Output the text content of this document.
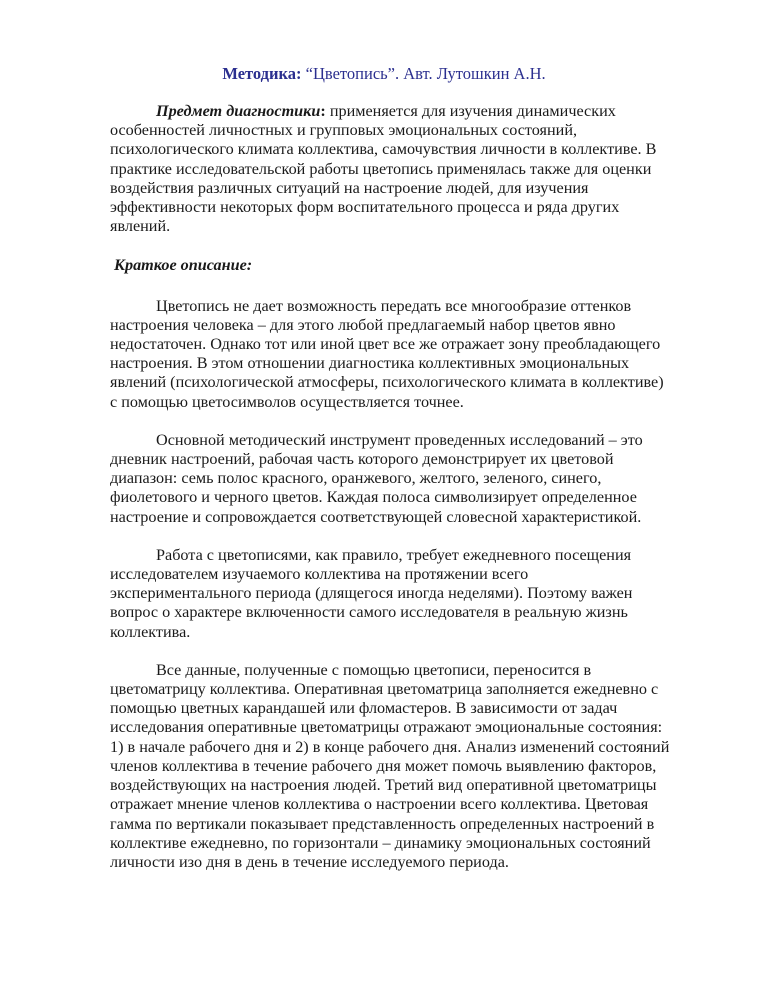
Методика: “Цветопись”. Авт. Лутошкин А.Н.

Предмет диагностики: применяется для изучения динамических особенностей личностных и групповых эмоциональных состояний, психологического климата коллектива, самочувствия личности в коллективе. В практике исследовательской работы цветопись применялась также для оценки воздействия различных ситуаций на настроение людей, для изучения эффективности некоторых форм воспитательного процесса и ряда других явлений.

Краткое описание:

Цветопись не дает возможность передать все многообразие оттенков настроения человека – для этого любой предлагаемый набор цветов явно недостаточен. Однако тот или иной цвет все же отражает зону преобладающего настроения. В этом отношении диагностика коллективных эмоциональных явлений (психологической атмосферы, психологического климата в коллективе) с помощью цветосимволов осуществляется точнее.

Основной методический инструмент проведенных исследований – это дневник настроений, рабочая часть которого демонстрирует их цветовой диапазон: семь полос красного, оранжевого, желтого, зеленого, синего, фиолетового и черного цветов. Каждая полоса символизирует определенное настроение и сопровождается соответствующей словесной характеристикой.

Работа с цветописями, как правило, требует ежедневного посещения исследователем изучаемого коллектива на протяжении всего экспериментального периода (длящегося иногда неделями). Поэтому важен вопрос о характере включенности самого исследователя в реальную жизнь коллектива.

Все данные, полученные с помощью цветописи, переносится в цветоматрицу коллектива. Оперативная цветоматрица заполняется ежедневно с помощью цветных карандашей или фломастеров. В зависимости от задач исследования оперативные цветоматрицы отражают эмоциональные состояния: 1) в начале рабочего дня и 2) в конце рабочего дня. Анализ изменений состояний членов коллектива в течение рабочего дня может помочь выявлению факторов, воздействующих на настроения людей. Третий вид оперативной цветоматрицы отражает мнение членов коллектива о настроении всего коллектива. Цветовая гамма по вертикали показывает представленность определенных настроений в коллективе ежедневно, по горизонтали – динамику эмоциональных состояний личности изо дня в день в течение исследуемого периода.
